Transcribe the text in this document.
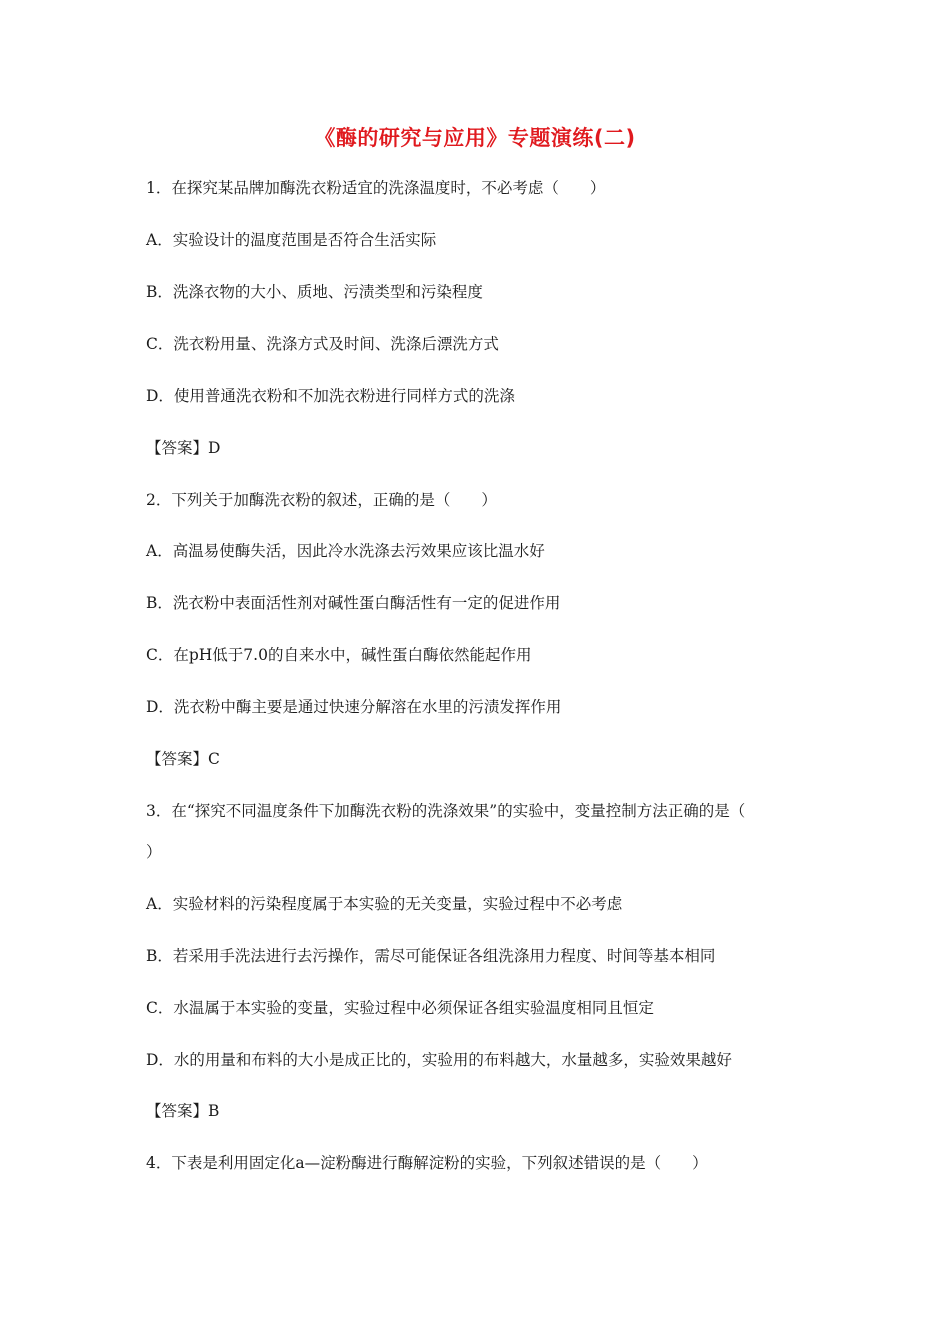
《酶的研究与应用》专题演练(二)
1．在探究某品牌加酶洗衣粉适宜的洗涤温度时，不必考虑（　　）
A．实验设计的温度范围是否符合生活实际
B．洗涤衣物的大小、质地、污渍类型和污染程度
C．洗衣粉用量、洗涤方式及时间、洗涤后漂洗方式
D．使用普通洗衣粉和不加洗衣粉进行同样方式的洗涤
【答案】D
2．下列关于加酶洗衣粉的叙述，正确的是（　　）
A．高温易使酶失活，因此冷水洗涤去污效果应该比温水好
B．洗衣粉中表面活性剂对碱性蛋白酶活性有一定的促进作用
C．在pH低于7.0的自来水中，碱性蛋白酶依然能起作用
D．洗衣粉中酶主要是通过快速分解溶在水里的污渍发挥作用
【答案】C
3．在“探究不同温度条件下加酶洗衣粉的洗涤效果”的实验中，变量控制方法正确的是（
）
A．实验材料的污染程度属于本实验的无关变量，实验过程中不必考虑
B．若采用手洗法进行去污操作，需尽可能保证各组洗涤用力程度、时间等基本相同
C．水温属于本实验的变量，实验过程中必须保证各组实验温度相同且恒定
D．水的用量和布料的大小是成正比的，实验用的布料越大，水量越多，实验效果越好
【答案】B
4．下表是利用固定化a—淀粉酶进行酶解淀粉的实验，下列叙述错误的是（　　）
